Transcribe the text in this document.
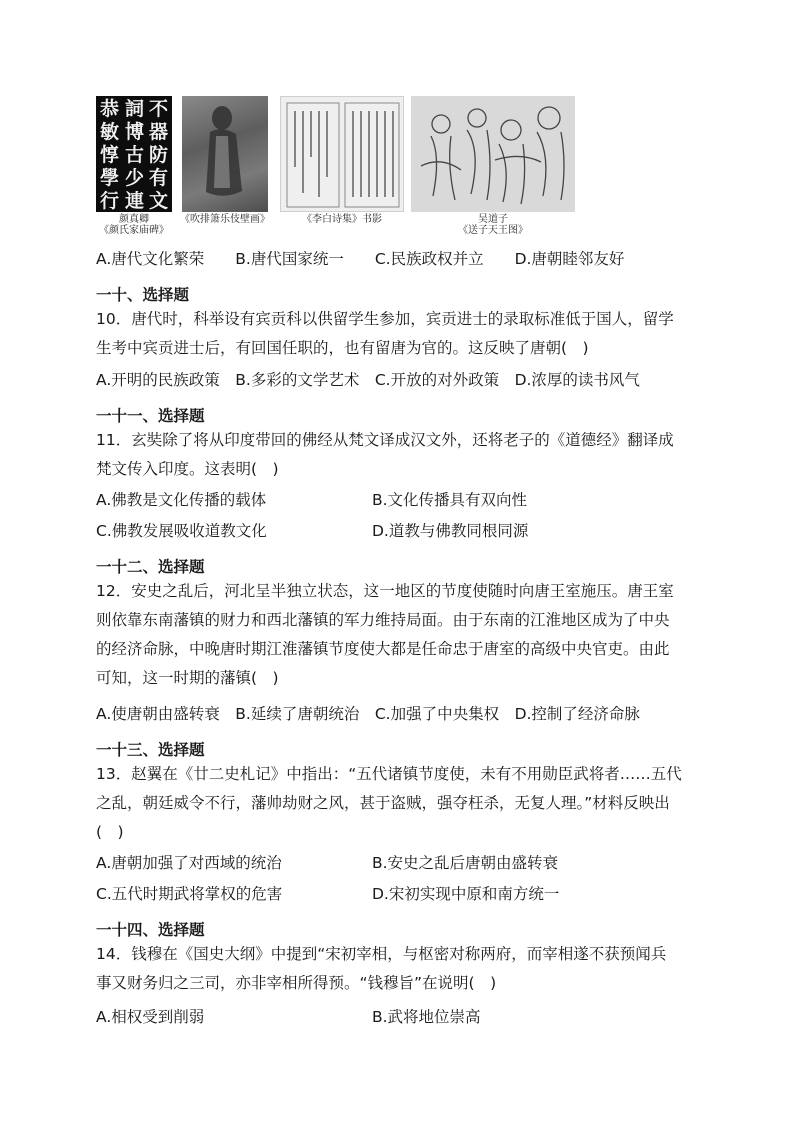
不
器
防
有
文
詞
博
古
少
連
恭
敏
惇
學
行
颜真卿
《颜氏家庙碑》
《吹排箫乐伎壁画》	《李白诗集》书影	吴道子
《送子天王图》
A.唐代文化繁荣　　B.唐代国家统一　　C.民族政权并立　　D.唐朝睦邻友好
一十、选择题
10．唐代时，科举设有宾贡科以供留学生参加，宾贡进士的录取标准低于国人，留学
生考中宾贡进士后，有回国任职的，也有留唐为官的。这反映了唐朝(　)
A.开明的民族政策　B.多彩的文学艺术　C.开放的对外政策　D.浓厚的读书风气
一十一、选择题
11．玄奘除了将从印度带回的佛经从梵文译成汉文外，还将老子的《道德经》翻译成
梵文传入印度。这表明(　)
A.佛教是文化传播的载体	B.文化传播具有双向性
C.佛教发展吸收道教文化	D.道教与佛教同根同源
一十二、选择题
12．安史之乱后，河北呈半独立状态，这一地区的节度使随时向唐王室施压。唐王室
则依靠东南藩镇的财力和西北藩镇的军力维持局面。由于东南的江淮地区成为了中央
的经济命脉，中晚唐时期江淮藩镇节度使大都是任命忠于唐室的高级中央官吏。由此
可知，这一时期的藩镇(　)
A.使唐朝由盛转衰　B.延续了唐朝统治　C.加强了中央集权　D.控制了经济命脉
一十三、选择题
13．赵翼在《廿二史札记》中指出：“五代诸镇节度使，未有不用勋臣武将者……五代
之乱，朝廷威令不行，藩帅劫财之风，甚于盗贼，强夺枉杀，无复人理。”材料反映出
(　)
A.唐朝加强了对西域的统治	B.安史之乱后唐朝由盛转衰
C.五代时期武将掌权的危害	D.宋初实现中原和南方统一
一十四、选择题
14．钱穆在《国史大纲》中提到“宋初宰相，与枢密对称两府，而宰相遂不获预闻兵
事又财务归之三司，亦非宰相所得预。“钱穆旨”在说明(　)
A.相权受到削弱	B.武将地位崇高
